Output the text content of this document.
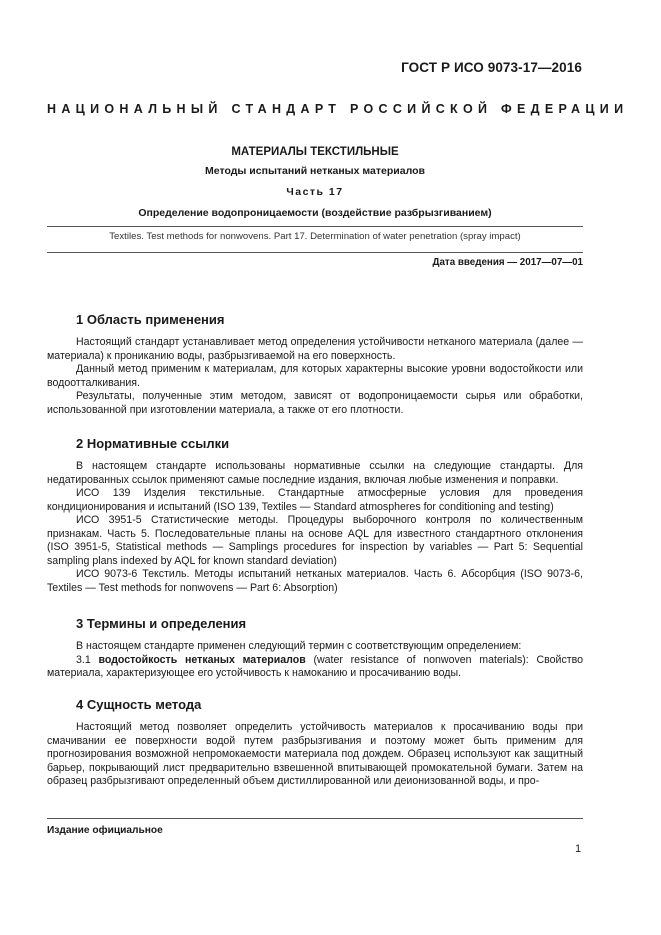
ГОСТ Р ИСО 9073-17—2016
НАЦИОНАЛЬНЫЙ СТАНДАРТ РОССИЙСКОЙ ФЕДЕРАЦИИ
МАТЕРИАЛЫ ТЕКСТИЛЬНЫЕ
Методы испытаний нетканых материалов
Часть 17
Определение водопроницаемости (воздействие разбрызгиванием)
Textiles. Test methods for nonwovens. Part 17. Determination of water penetration (spray impact)
Дата введения — 2017—07—01
1 Область применения

Настоящий стандарт устанавливает метод определения устойчивости нетканого материала (далее — материала) к прониканию воды, разбрызгиваемой на его поверхность.

Данный метод применим к материалам, для которых характерны высокие уровни водостойкости или водоотталкивания.

Результаты, полученные этим методом, зависят от водопроницаемости сырья или обработки, использованной при изготовлении материала, а также от его плотности.

2 Нормативные ссылки

В настоящем стандарте использованы нормативные ссылки на следующие стандарты. Для недатированных ссылок применяют самые последние издания, включая любые изменения и поправки.

ИСО 139 Изделия текстильные. Стандартные атмосферные условия для проведения кондиционирования и испытаний (ISO 139, Textiles — Standard atmospheres for conditioning and testing)

ИСО 3951-5 Статистические методы. Процедуры выборочного контроля по количественным признакам. Часть 5. Последовательные планы на основе AQL для известного стандартного отклонения (ISO 3951-5, Statistical methods — Samplings procedures for inspection by variables — Part 5: Sequential sampling plans indexed by AQL for known standard deviation)

ИСО 9073-6 Текстиль. Методы испытаний нетканых материалов. Часть 6. Абсорбция (ISO 9073-6, Textiles — Test methods for nonwovens — Part 6: Absorption)

3 Термины и определения

В настоящем стандарте применен следующий термин с соответствующим определением:

3.1 водостойкость нетканых материалов (water resistance of nonwoven materials): Свойство материала, характеризующее его устойчивость к намоканию и просачиванию воды.

4 Сущность метода

Настоящий метод позволяет определить устойчивость материалов к просачиванию воды при смачивании ее поверхности водой путем разбрызгивания и поэтому может быть применим для прогнозирования возможной непромокаемости материала под дождем. Образец используют как защитный барьер, покрывающий лист предварительно взвешенной впитывающей промокательной бумаги. Затем на образец разбрызгивают определенный объем дистиллированной или деионизованной воды, и про-

Издание официальное
1
